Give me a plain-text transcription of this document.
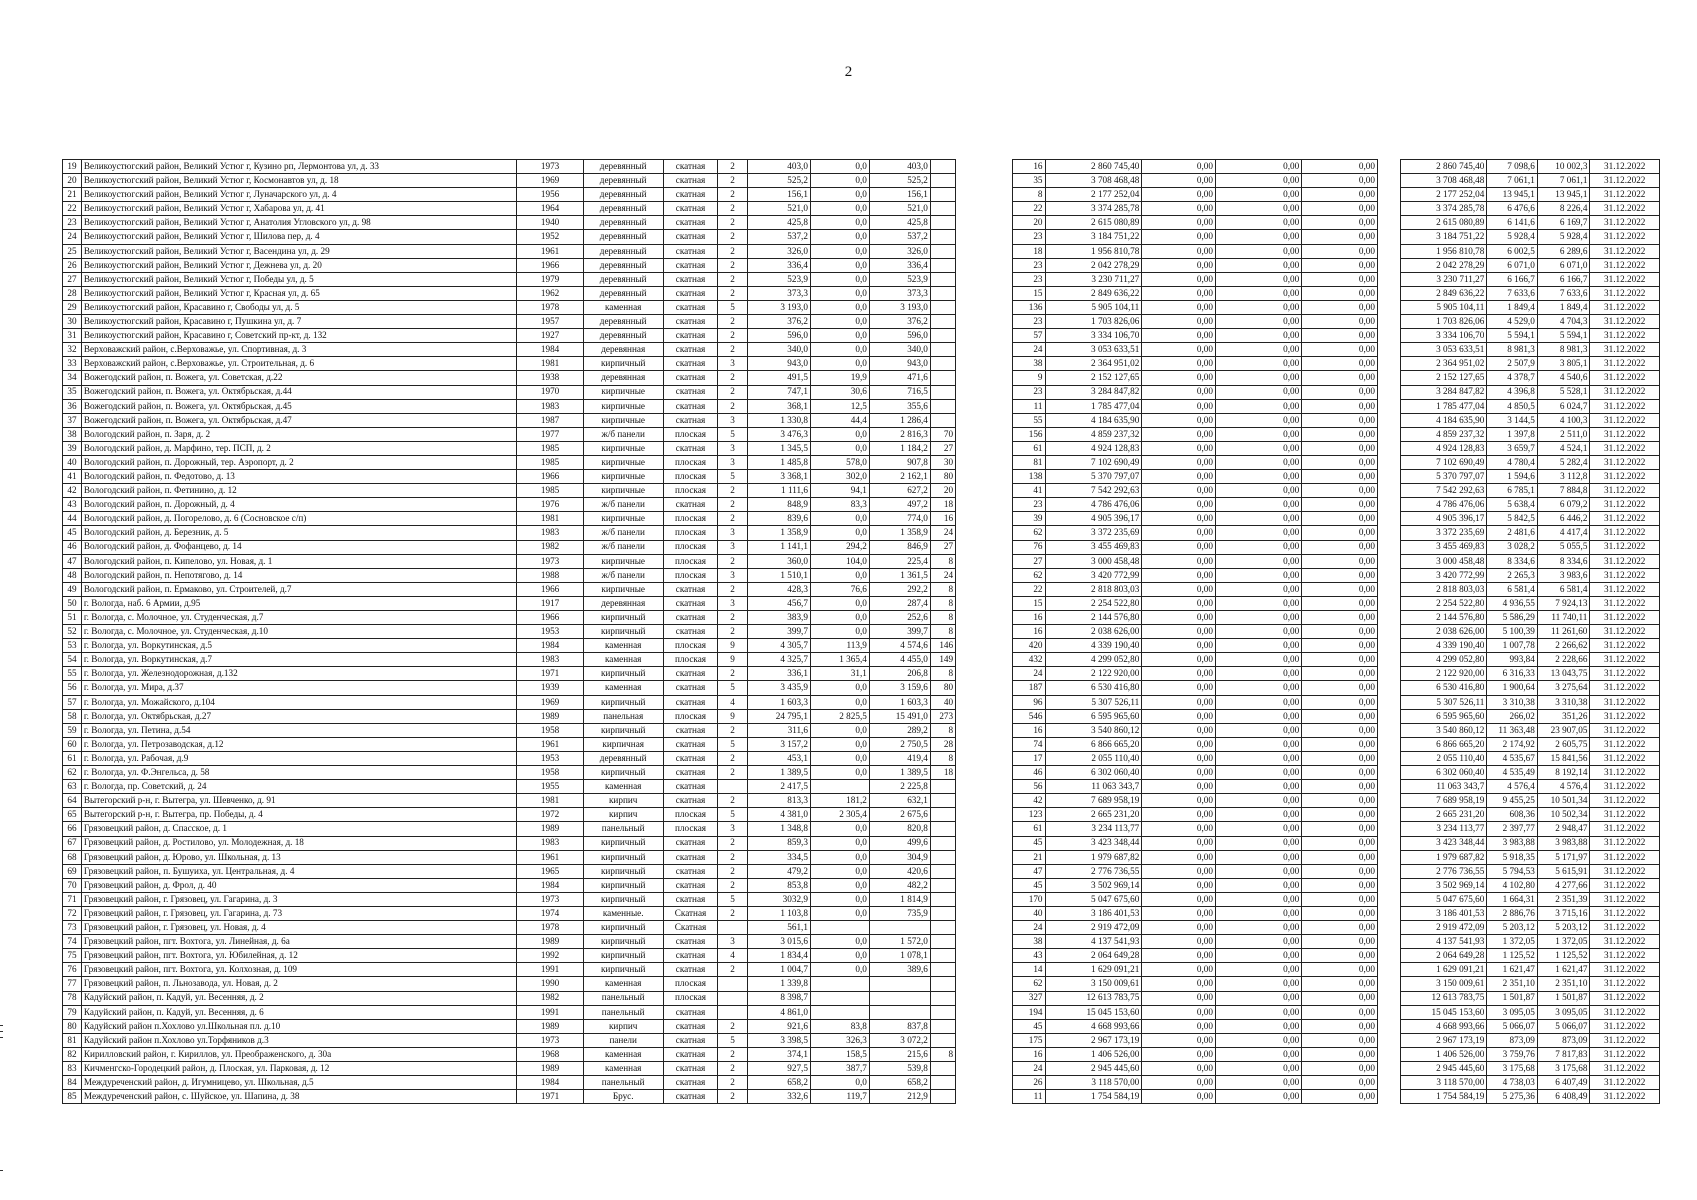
2
19	Великоустюгский район, Великий Устюг г, Кузино рп, Лермонтова ул, д. 33	1973	деревянный	скатная	2	403,0	0,0	403,0			16	2 860 745,40	0,00	0,00	0,00		2 860 745,40	7 098,6	10 002,3	31.12.2022
20	Великоустюгский район, Великий Устюг г, Космонавтов ул, д. 18	1969	деревянный	скатная	2	525,2	0,0	525,2			35	3 708 468,48	0,00	0,00	0,00		3 708 468,48	7 061,1	7 061,1	31.12.2022
21	Великоустюгский район, Великий Устюг г, Луначарского ул, д. 4	1956	деревянный	скатная	2	156,1	0,0	156,1			8	2 177 252,04	0,00	0,00	0,00		2 177 252,04	13 945,1	13 945,1	31.12.2022
22	Великоустюгский район, Великий Устюг г, Хабарова ул, д. 41	1964	деревянный	скатная	2	521,0	0,0	521,0			22	3 374 285,78	0,00	0,00	0,00		3 374 285,78	6 476,6	8 226,4	31.12.2022
23	Великоустюгский район, Великий Устюг г, Анатолия Угловского ул, д. 98	1940	деревянный	скатная	2	425,8	0,0	425,8			20	2 615 080,89	0,00	0,00	0,00		2 615 080,89	6 141,6	6 169,7	31.12.2022
24	Великоустюгский район, Великий Устюг г, Шилова пер, д. 4	1952	деревянный	скатная	2	537,2	0,0	537,2			23	3 184 751,22	0,00	0,00	0,00		3 184 751,22	5 928,4	5 928,4	31.12.2022
25	Великоустюгский район, Великий Устюг г, Васендина ул, д. 29	1961	деревянный	скатная	2	326,0	0,0	326,0			18	1 956 810,78	0,00	0,00	0,00		1 956 810,78	6 002,5	6 289,6	31.12.2022
26	Великоустюгский район, Великий Устюг г, Дежнева ул, д. 20	1966	деревянный	скатная	2	336,4	0,0	336,4			23	2 042 278,29	0,00	0,00	0,00		2 042 278,29	6 071,0	6 071,0	31.12.2022
27	Великоустюгский район, Великий Устюг г, Победы ул, д. 5	1979	деревянный	скатная	2	523,9	0,0	523,9			23	3 230 711,27	0,00	0,00	0,00		3 230 711,27	6 166,7	6 166,7	31.12.2022
28	Великоустюгский район, Великий Устюг г, Красная ул, д. 65	1962	деревянный	скатная	2	373,3	0,0	373,3			15	2 849 636,22	0,00	0,00	0,00		2 849 636,22	7 633,6	7 633,6	31.12.2022
29	Великоустюгский район, Красавино г, Свободы ул, д. 5	1978	каменная	скатная	5	3 193,0	0,0	3 193,0			136	5 905 104,11	0,00	0,00	0,00		5 905 104,11	1 849,4	1 849,4	31.12.2022
30	Великоустюгский район, Красавино г, Пушкина ул, д. 7	1957	деревянный	скатная	2	376,2	0,0	376,2			23	1 703 826,06	0,00	0,00	0,00		1 703 826,06	4 529,0	4 704,3	31.12.2022
31	Великоустюгский район, Красавино г, Советский пр-кт, д. 132	1927	деревянный	скатная	2	596,0	0,0	596,0			57	3 334 106,70	0,00	0,00	0,00		3 334 106,70	5 594,1	5 594,1	31.12.2022
32	Верховажский район, с.Верховажье, ул. Спортивная, д. 3	1984	деревянная	скатная	2	340,0	0,0	340,0			24	3 053 633,51	0,00	0,00	0,00		3 053 633,51	8 981,3	8 981,3	31.12.2022
33	Верховажский район, с.Верховажье, ул. Строительная, д. 6	1981	кирпичный	скатная	3	943,0	0,0	943,0			38	2 364 951,02	0,00	0,00	0,00		2 364 951,02	2 507,9	3 805,1	31.12.2022
34	Вожегодский район, п. Вожега, ул. Советская, д.22	1938	деревянная	скатная	2	491,5	19,9	471,6			9	2 152 127,65	0,00	0,00	0,00		2 152 127,65	4 378,7	4 540,6	31.12.2022
35	Вожегодский район, п. Вожега, ул. Октябрьская, д.44	1970	кирпичные	скатная	2	747,1	30,6	716,5			23	3 284 847,82	0,00	0,00	0,00		3 284 847,82	4 396,8	5 528,1	31.12.2022
36	Вожегодский район, п. Вожега, ул. Октябрьская, д.45	1983	кирпичные	скатная	2	368,1	12,5	355,6			11	1 785 477,04	0,00	0,00	0,00		1 785 477,04	4 850,5	6 024,7	31.12.2022
37	Вожегодский район, п. Вожега, ул. Октябрьская, д.47	1987	кирпичные	скатная	3	1 330,8	44,4	1 286,4			55	4 184 635,90	0,00	0,00	0,00		4 184 635,90	3 144,5	4 100,3	31.12.2022
38	Вологодский район, п. Заря, д. 2	1977	ж/б панели	плоская	5	3 476,3	0,0	2 816,3	70		156	4 859 237,32	0,00	0,00	0,00		4 859 237,32	1 397,8	2 511,0	31.12.2022
39	Вологодский район, д. Марфино, тер. ПСП, д. 2	1985	кирпичные	скатная	3	1 345,5	0,0	1 184,2	27		61	4 924 128,83	0,00	0,00	0,00		4 924 128,83	3 659,7	4 524,1	31.12.2022
40	Вологодский район, п. Дорожный, тер. Аэропорт, д. 2	1985	кирпичные	плоская	3	1 485,8	578,0	907,8	30		81	7 102 690,49	0,00	0,00	0,00		7 102 690,49	4 780,4	5 282,4	31.12.2022
41	Вологодский район, п. Федотово, д. 13	1966	кирпичные	плоская	5	3 368,1	302,0	2 162,1	80		138	5 370 797,07	0,00	0,00	0,00		5 370 797,07	1 594,6	3 112,8	31.12.2022
42	Вологодский район, п. Фетинино, д. 12	1985	кирпичные	плоская	2	1 111,6	94,1	627,2	20		41	7 542 292,63	0,00	0,00	0,00		7 542 292,63	6 785,1	7 884,8	31.12.2022
43	Вологодский район, п. Дорожный, д. 4	1976	ж/б панели	скатная	2	848,9	83,3	497,2	18		23	4 786 476,06	0,00	0,00	0,00		4 786 476,06	5 638,4	6 079,2	31.12.2022
44	Вологодский район, д. Погорелово, д. 6 (Сосновское с/п)	1981	кирпичные	плоская	2	839,6	0,0	774,0	16		39	4 905 396,17	0,00	0,00	0,00		4 905 396,17	5 842,5	6 446,2	31.12.2022
45	Вологодский район, д. Березник, д. 5	1983	ж/б панели	плоская	3	1 358,9	0,0	1 358,9	24		62	3 372 235,69	0,00	0,00	0,00		3 372 235,69	2 481,6	4 417,4	31.12.2022
46	Вологодский район, д. Фофанцево, д. 14	1982	ж/б панели	плоская	3	1 141,1	294,2	846,9	27		76	3 455 469,83	0,00	0,00	0,00		3 455 469,83	3 028,2	5 055,5	31.12.2022
47	Вологодский район, п. Кипелово, ул. Новая, д. 1	1973	кирпичные	плоская	2	360,0	104,0	225,4	8		27	3 000 458,48	0,00	0,00	0,00		3 000 458,48	8 334,6	8 334,6	31.12.2022
48	Вологодский район, п. Непотягово, д. 14	1988	ж/б панели	плоская	3	1 510,1	0,0	1 361,5	24		62	3 420 772,99	0,00	0,00	0,00		3 420 772,99	2 265,3	3 983,6	31.12.2022
49	Вологодский район, п. Ермаково, ул. Строителей, д.7	1966	кирпичные	скатная	2	428,3	76,6	292,2	8		22	2 818 803,03	0,00	0,00	0,00		2 818 803,03	6 581,4	6 581,4	31.12.2022
50	г. Вологда, наб. 6 Армии, д.95	1917	деревянная	скатная	3	456,7	0,0	287,4	8		15	2 254 522,80	0,00	0,00	0,00		2 254 522,80	4 936,55	7 924,13	31.12.2022
51	г. Вологда, с. Молочное, ул. Студенческая, д.7	1966	кирпичный	скатная	2	383,9	0,0	252,6	8		16	2 144 576,80	0,00	0,00	0,00		2 144 576,80	5 586,29	11 740,11	31.12.2022
52	г. Вологда, с. Молочное, ул. Студенческая, д.10	1953	кирпичный	скатная	2	399,7	0,0	399,7	8		16	2 038 626,00	0,00	0,00	0,00		2 038 626,00	5 100,39	11 261,60	31.12.2022
53	г. Вологда, ул. Воркутинская, д.5	1984	каменная	плоская	9	4 305,7	113,9	4 574,6	146		420	4 339 190,40	0,00	0,00	0,00		4 339 190,40	1 007,78	2 266,62	31.12.2022
54	г. Вологда, ул. Воркутинская, д.7	1983	каменная	плоская	9	4 325,7	1 365,4	4 455,0	149		432	4 299 052,80	0,00	0,00	0,00		4 299 052,80	993,84	2 228,66	31.12.2022
55	г. Вологда, ул. Железнодорожная, д.132	1971	кирпичный	скатная	2	336,1	31,1	206,8	8		24	2 122 920,00	0,00	0,00	0,00		2 122 920,00	6 316,33	13 043,75	31.12.2022
56	г. Вологда, ул. Мира, д.37	1939	каменная	скатная	5	3 435,9	0,0	3 159,6	80		187	6 530 416,80	0,00	0,00	0,00		6 530 416,80	1 900,64	3 275,64	31.12.2022
57	г. Вологда, ул. Можайского, д.104	1969	кирпичный	скатная	4	1 603,3	0,0	1 603,3	40		96	5 307 526,11	0,00	0,00	0,00		5 307 526,11	3 310,38	3 310,38	31.12.2022
58	г. Вологда, ул. Октябрьская, д.27	1989	панельная	плоская	9	24 795,1	2 825,5	15 491,0	273		546	6 595 965,60	0,00	0,00	0,00		6 595 965,60	266,02	351,26	31.12.2022
59	г. Вологда, ул. Петина, д.54	1958	кирпичный	скатная	2	311,6	0,0	289,2	8		16	3 540 860,12	0,00	0,00	0,00		3 540 860,12	11 363,48	23 907,05	31.12.2022
60	г. Вологда, ул. Петрозаводская, д.12	1961	кирпичная	скатная	5	3 157,2	0,0	2 750,5	28		74	6 866 665,20	0,00	0,00	0,00		6 866 665,20	2 174,92	2 605,75	31.12.2022
61	г. Вологда, ул. Рабочая, д.9	1953	деревянный	скатная	2	453,1	0,0	419,4	8		17	2 055 110,40	0,00	0,00	0,00		2 055 110,40	4 535,67	15 841,56	31.12.2022
62	г. Вологда, ул. Ф.Энгельса, д. 58	1958	кирпичный	скатная	2	1 389,5	0,0	1 389,5	18		46	6 302 060,40	0,00	0,00	0,00		6 302 060,40	4 535,49	8 192,14	31.12.2022
63	г. Вологда, пр. Советский, д. 24	1955	каменная	скатная		2 417,5		2 225,8			56	11 063 343,7	0,00	0,00	0,00		11 063 343,7	4 576,4	4 576,4	31.12.2022
64	Вытегорский р-н, г. Вытегра, ул. Шевченко, д. 91	1981	кирпич	скатная	2	813,3	181,2	632,1			42	7 689 958,19	0,00	0,00	0,00		7 689 958,19	9 455,25	10 501,34	31.12.2022
65	Вытегорский р-н, г. Вытегра, пр. Победы, д. 4	1972	кирпич	плоская	5	4 381,0	2 305,4	2 675,6			123	2 665 231,20	0,00	0,00	0,00		2 665 231,20	608,36	10 502,34	31.12.2022
66	Грязовецкий район, д. Спасское, д. 1	1989	панельный	плоская	3	1 348,8	0,0	820,8			61	3 234 113,77	0,00	0,00	0,00		3 234 113,77	2 397,77	2 948,47	31.12.2022
67	Грязовецкий район, д. Ростилово, ул. Молодежная, д. 18	1983	кирпичный	скатная	2	859,3	0,0	499,6			45	3 423 348,44	0,00	0,00	0,00		3 423 348,44	3 983,88	3 983,88	31.12.2022
68	Грязовецкий район, д. Юрово, ул. Школьная, д. 13	1961	кирпичный	скатная	2	334,5	0,0	304,9			21	1 979 687,82	0,00	0,00	0,00		1 979 687,82	5 918,35	5 171,97	31.12.2022
69	Грязовецкий район, п. Бушуиха, ул. Центральная, д. 4	1965	кирпичный	скатная	2	479,2	0,0	420,6			47	2 776 736,55	0,00	0,00	0,00		2 776 736,55	5 794,53	5 615,91	31.12.2022
70	Грязовецкий район, д. Фрол, д. 40	1984	кирпичный	скатная	2	853,8	0,0	482,2			45	3 502 969,14	0,00	0,00	0,00		3 502 969,14	4 102,80	4 277,66	31.12.2022
71	Грязовецкий район, г. Грязовец, ул. Гагарина, д. 3	1973	кирпичный	скатная	5	3032,9	0,0	1 814,9			170	5 047 675,60	0,00	0,00	0,00		5 047 675,60	1 664,31	2 351,39	31.12.2022
72	Грязовецкий район, г. Грязовец, ул. Гагарина, д. 73	1974	каменные.	Скатная	2	1 103,8	0,0	735,9			40	3 186 401,53	0,00	0,00	0,00		3 186 401,53	2 886,76	3 715,16	31.12.2022
73	Грязовецкий район, г. Грязовец, ул. Новая, д. 4	1978	кирпичный	Скатная		561,1					24	2 919 472,09	0,00	0,00	0,00		2 919 472,09	5 203,12	5 203,12	31.12.2022
74	Грязовецкий район, пгт. Вохтога, ул. Линейная, д. 6а	1989	кирпичный	скатная	3	3 015,6	0,0	1 572,0			38	4 137 541,93	0,00	0,00	0,00		4 137 541,93	1 372,05	1 372,05	31.12.2022
75	Грязовецкий район, пгт. Вохтога, ул. Юбилейная, д. 12	1992	кирпичный	скатная	4	1 834,4	0,0	1 078,1			43	2 064 649,28	0,00	0,00	0,00		2 064 649,28	1 125,52	1 125,52	31.12.2022
76	Грязовецкий район, пгт. Вохтога, ул. Колхозная, д. 109	1991	кирпичный	скатная	2	1 004,7	0,0	389,6			14	1 629 091,21	0,00	0,00	0,00		1 629 091,21	1 621,47	1 621,47	31.12.2022
77	Грязовецкий район, п. Льнозавода, ул. Новая, д. 2	1990	каменная	плоская		1 339,8					62	3 150 009,61	0,00	0,00	0,00		3 150 009,61	2 351,10	2 351,10	31.12.2022
78	Кадуйский район, п. Кадуй, ул. Весенняя, д. 2	1982	панельный	плоская		8 398,7					327	12 613 783,75	0,00	0,00	0,00		12 613 783,75	1 501,87	1 501,87	31.12.2022
79	Кадуйский район, п. Кадуй, ул. Весенняя, д. 6	1991	панельный	скатная		4 861,0					194	15 045 153,60	0,00	0,00	0,00		15 045 153,60	3 095,05	3 095,05	31.12.2022
80	Кадуйский район п.Хохлово ул.Школьная пл. д.10	1989	кирпич	скатная	2	921,6	83,8	837,8			45	4 668 993,66	0,00	0,00	0,00		4 668 993,66	5 066,07	5 066,07	31.12.2022
81	Кадуйский район п.Хохлово ул.Торфяников д.3	1973	панели	скатная	5	3 398,5	326,3	3 072,2			175	2 967 173,19	0,00	0,00	0,00		2 967 173,19	873,09	873,09	31.12.2022
82	Кирилловский район, г. Кириллов, ул. Преображенского, д. 30а	1968	каменная	скатная	2	374,1	158,5	215,6	8		16	1 406 526,00	0,00	0,00	0,00		1 406 526,00	3 759,76	7 817,83	31.12.2022
83	Кичменгско-Городецкий район, д. Плоская, ул. Парковая, д. 12	1989	каменная	скатная	2	927,5	387,7	539,8			24	2 945 445,60	0,00	0,00	0,00		2 945 445,60	3 175,68	3 175,68	31.12.2022
84	Междуреченский район, д. Игумницево, ул. Школьная, д.5	1984	панельный	скатная	2	658,2	0,0	658,2			26	3 118 570,00	0,00	0,00	0,00		3 118 570,00	4 738,03	6 407,49	31.12.2022
85	Междуреченский район, с. Шуйское, ул. Шапина, д. 38	1971	Брус.	скатная	2	332,6	119,7	212,9			11	1 754 584,19	0,00	0,00	0,00		1 754 584,19	5 275,36	6 408,49	31.12.2022
